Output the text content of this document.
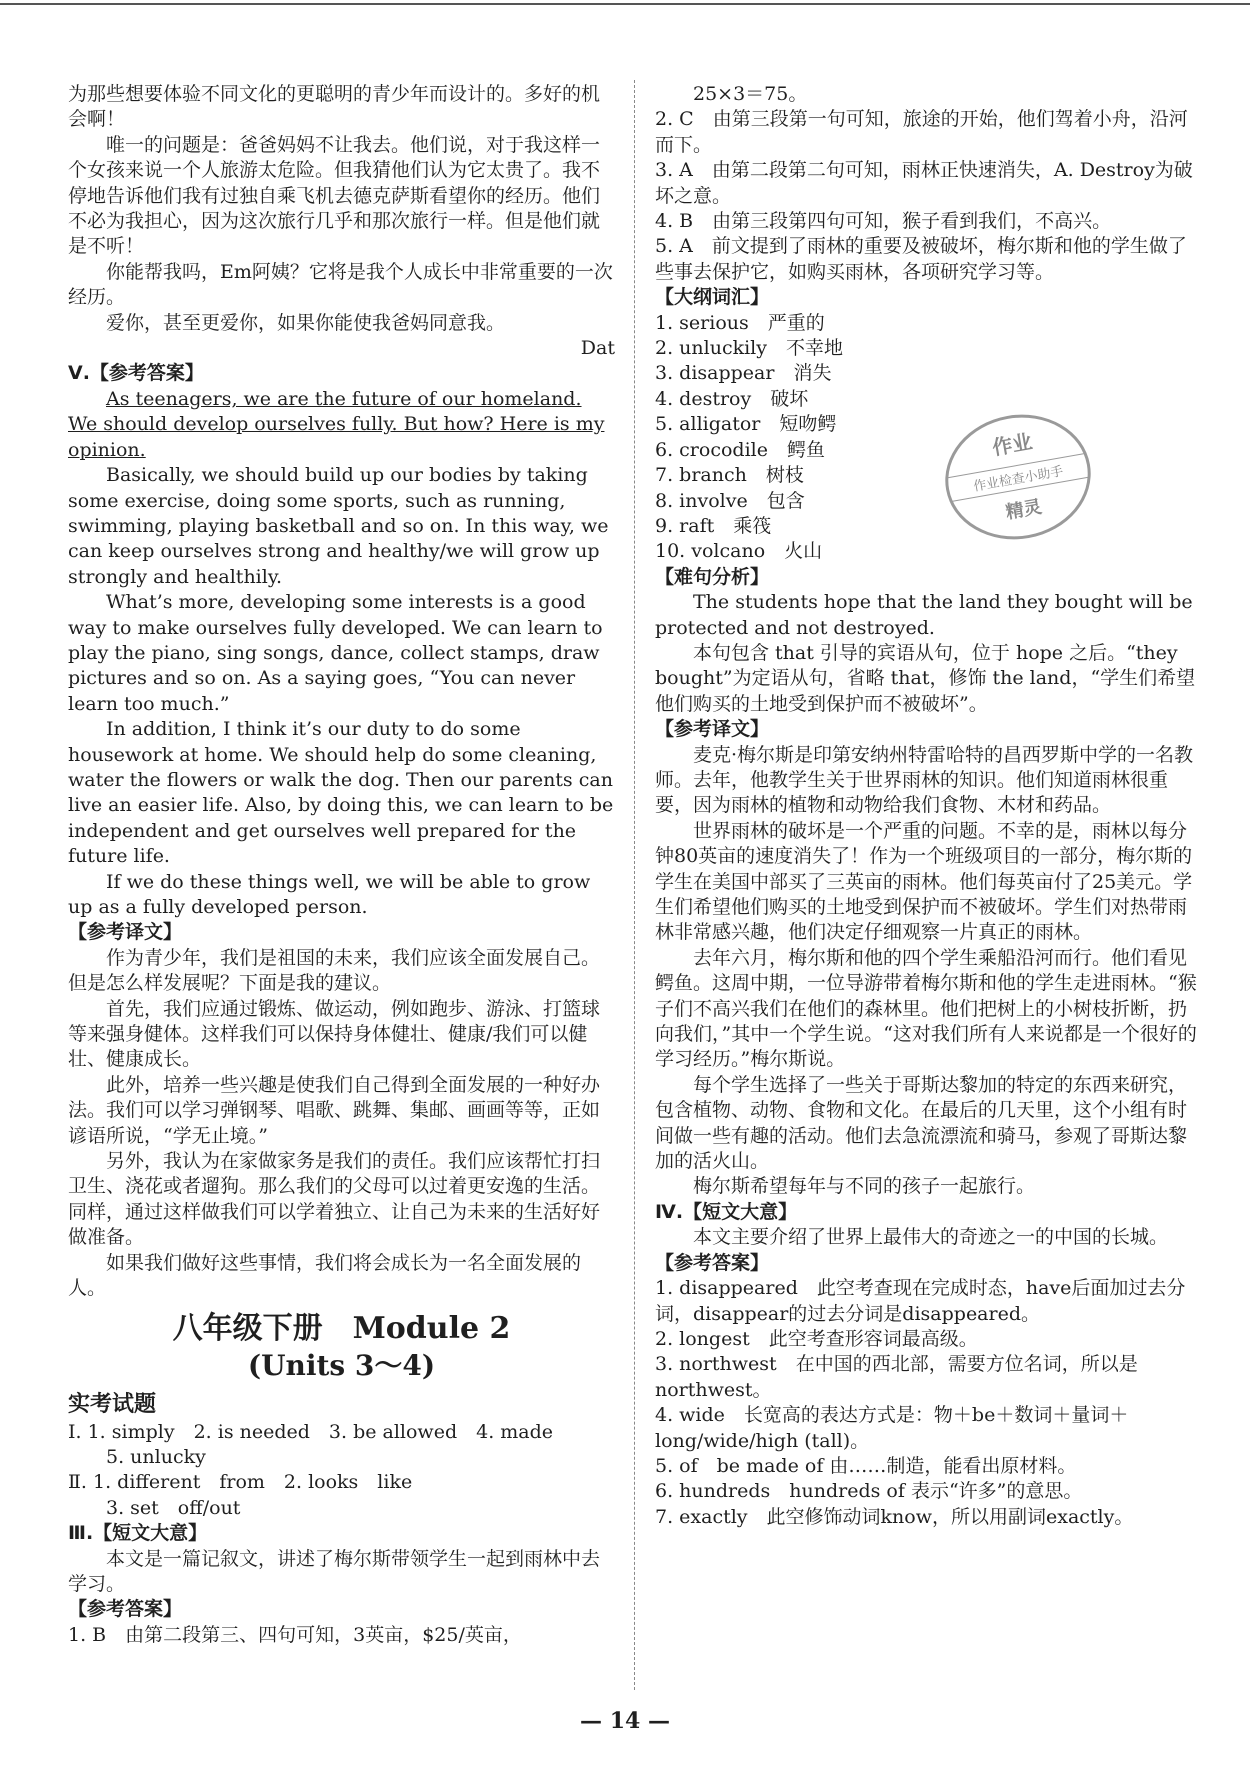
为那些想要体验不同文化的更聪明的青少年而设计的。多好的机会啊！

唯一的问题是：爸爸妈妈不让我去。他们说，对于我这样一个女孩来说一个人旅游太危险。但我猜他们认为它太贵了。我不停地告诉他们我有过独自乘飞机去德克萨斯看望你的经历。他们不必为我担心，因为这次旅行几乎和那次旅行一样。但是他们就是不听！

你能帮我吗，Em阿姨？它将是我个人成长中非常重要的一次经历。

爱你，甚至更爱你，如果你能使我爸妈同意我。

Dat

Ⅴ.【参考答案】

As teenagers, we are the future of our homeland. We should develop ourselves fully. But how? Here is my opinion.

Basically, we should build up our bodies by taking some exercise, doing some sports, such as running, swimming, playing basketball and so on. In this way, we can keep ourselves strong and healthy/we will grow up strongly and healthily.

What’s more, developing some interests is a good way to make ourselves fully developed. We can learn to play the piano, sing songs, dance, collect stamps, draw pictures and so on. As a saying goes, “You can never learn too much.”

In addition, I think it’s our duty to do some housework at home. We should help do some cleaning, water the flowers or walk the dog. Then our parents can live an easier life. Also, by doing this, we can learn to be independent and get ourselves well prepared for the future life.

If we do these things well, we will be able to grow up as a fully developed person.

【参考译文】

作为青少年，我们是祖国的未来，我们应该全面发展自己。但是怎么样发展呢？下面是我的建议。

首先，我们应通过锻炼、做运动，例如跑步、游泳、打篮球等来强身健体。这样我们可以保持身体健壮、健康/我们可以健壮、健康成长。

此外，培养一些兴趣是使我们自己得到全面发展的一种好办法。我们可以学习弹钢琴、唱歌、跳舞、集邮、画画等等，正如谚语所说，“学无止境。”

另外，我认为在家做家务是我们的责任。我们应该帮忙打扫卫生、浇花或者遛狗。那么我们的父母可以过着更安逸的生活。同样，通过这样做我们可以学着独立、让自己为未来的生活好好做准备。

如果我们做好这些事情，我们将会成长为一名全面发展的人。

八年级下册　Module 2

(Units 3～4)

实考试题

Ⅰ. 1. simply　2. is needed　3. be allowed　4. made

5. unlucky

Ⅱ. 1. different　from　2. looks　like

3. set　off/out

Ⅲ.【短文大意】

本文是一篇记叙文，讲述了梅尔斯带领学生一起到雨林中去学习。

【参考答案】

1. B　由第二段第三、四句可知，3英亩，$25/英亩，

25×3＝75。

2. C　由第三段第一句可知，旅途的开始，他们驾着小舟，沿河而下。

3. A　由第二段第二句可知，雨林正快速消失，A. Destroy为破坏之意。

4. B　由第三段第四句可知，猴子看到我们，不高兴。

5. A　前文提到了雨林的重要及被破坏，梅尔斯和他的学生做了些事去保护它，如购买雨林，各项研究学习等。

【大纲词汇】

1. serious　严重的

2. unluckily　不幸地

3. disappear　消失

4. destroy　破坏

5. alligator　短吻鳄

6. crocodile　鳄鱼

7. branch　树枝

8. involve　包含

9. raft　乘筏

10. volcano　火山

【难句分析】

The students hope that the land they bought will be protected and not destroyed.

本句包含 that 引导的宾语从句，位于 hope 之后。“they bought”为定语从句，省略 that，修饰 the land，“学生们希望他们购买的土地受到保护而不被破坏”。

【参考译文】

麦克·梅尔斯是印第安纳州特雷哈特的昌西罗斯中学的一名教师。去年，他教学生关于世界雨林的知识。他们知道雨林很重要，因为雨林的植物和动物给我们食物、木材和药品。

世界雨林的破坏是一个严重的问题。不幸的是，雨林以每分钟80英亩的速度消失了！作为一个班级项目的一部分，梅尔斯的学生在美国中部买了三英亩的雨林。他们每英亩付了25美元。学生们希望他们购买的土地受到保护而不被破坏。学生们对热带雨林非常感兴趣，他们决定仔细观察一片真正的雨林。

去年六月，梅尔斯和他的四个学生乘船沿河而行。他们看见鳄鱼。这周中期，一位导游带着梅尔斯和他的学生走进雨林。“猴子们不高兴我们在他们的森林里。他们把树上的小树枝折断，扔向我们，”其中一个学生说。“这对我们所有人来说都是一个很好的学习经历。”梅尔斯说。

每个学生选择了一些关于哥斯达黎加的特定的东西来研究，包含植物、动物、食物和文化。在最后的几天里，这个小组有时间做一些有趣的活动。他们去急流漂流和骑马，参观了哥斯达黎加的活火山。

梅尔斯希望每年与不同的孩子一起旅行。

Ⅳ.【短文大意】

本文主要介绍了世界上最伟大的奇迹之一的中国的长城。

【参考答案】

1. disappeared　此空考查现在完成时态，have后面加过去分词，disappear的过去分词是disappeared。

2. longest　此空考查形容词最高级。

3. northwest　在中国的西北部，需要方位名词，所以是northwest。

4. wide　长宽高的表达方式是：物＋be＋数词＋量词＋long/wide/high (tall)。

5. of　be made of 由……制造，能看出原材料。

6. hundreds　hundreds of 表示“许多”的意思。

7. exactly　此空修饰动词know，所以用副词exactly。

作业
作业检查小助手
精灵
— 14 —
